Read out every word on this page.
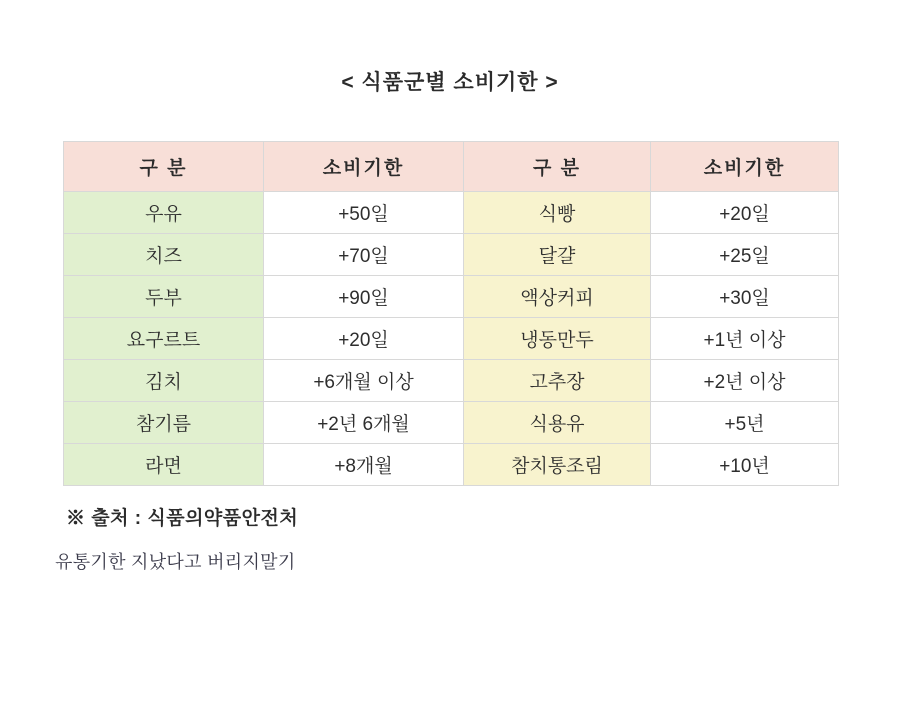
< 식품군별 소비기한 >
구 분	소비기한	구 분	소비기한
우유	+50일	식빵	+20일
치즈	+70일	달걀	+25일
두부	+90일	액상커피	+30일
요구르트	+20일	냉동만두	+1년 이상
김치	+6개월 이상	고추장	+2년 이상
참기름	+2년 6개월	식용유	+5년
라면	+8개월	참치통조림	+10년
※ 출처 : 식품의약품안전처
유통기한 지났다고 버리지말기
